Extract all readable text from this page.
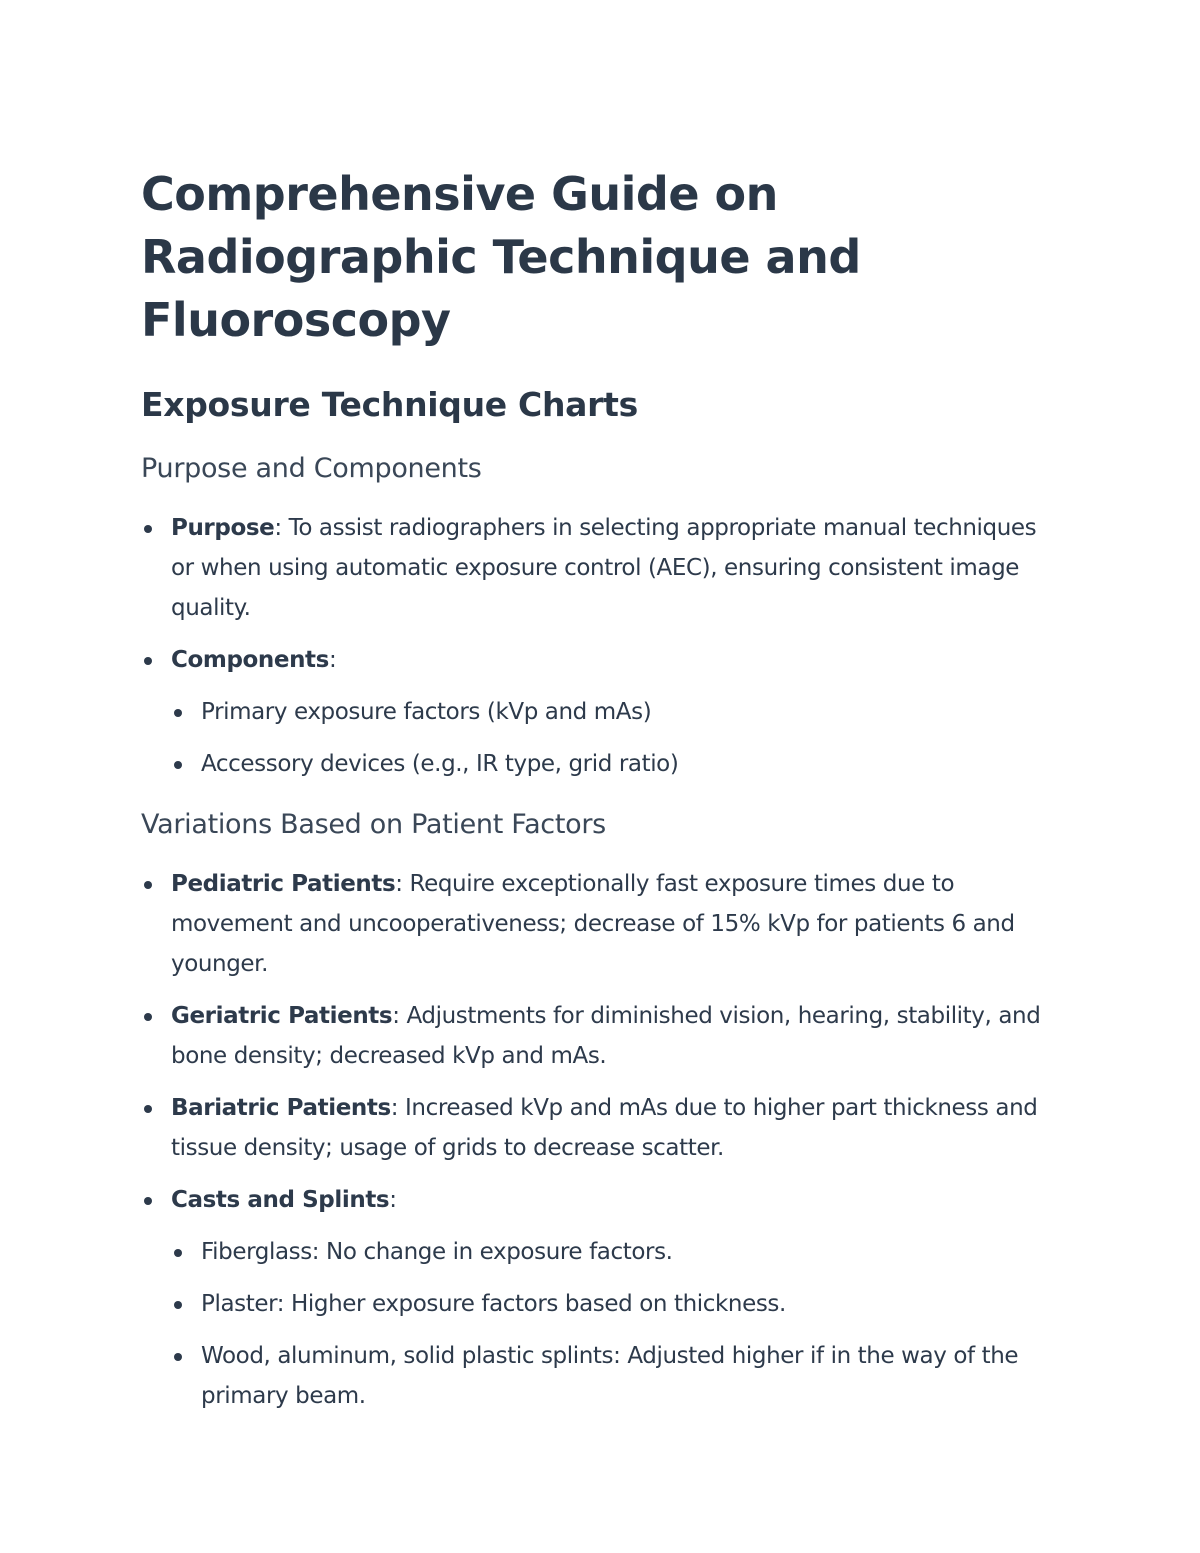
Comprehensive Guide on Radiographic Technique and Fluoroscopy
Exposure Technique Charts
Purpose and Components
Purpose: To assist radiographers in selecting appropriate manual techniques or when using automatic exposure control (AEC), ensuring consistent image quality.
Components:
Primary exposure factors (kVp and mAs)
Accessory devices (e.g., IR type, grid ratio)
Variations Based on Patient Factors
Pediatric Patients: Require exceptionally fast exposure times due to movement and uncooperativeness; decrease of 15% kVp for patients 6 and younger.
Geriatric Patients: Adjustments for diminished vision, hearing, stability, and bone density; decreased kVp and mAs.
Bariatric Patients: Increased kVp and mAs due to higher part thickness and tissue density; usage of grids to decrease scatter.
Casts and Splints:
Fiberglass: No change in exposure factors.
Plaster: Higher exposure factors based on thickness.
Wood, aluminum, solid plastic splints: Adjusted higher if in the way of the primary beam.
